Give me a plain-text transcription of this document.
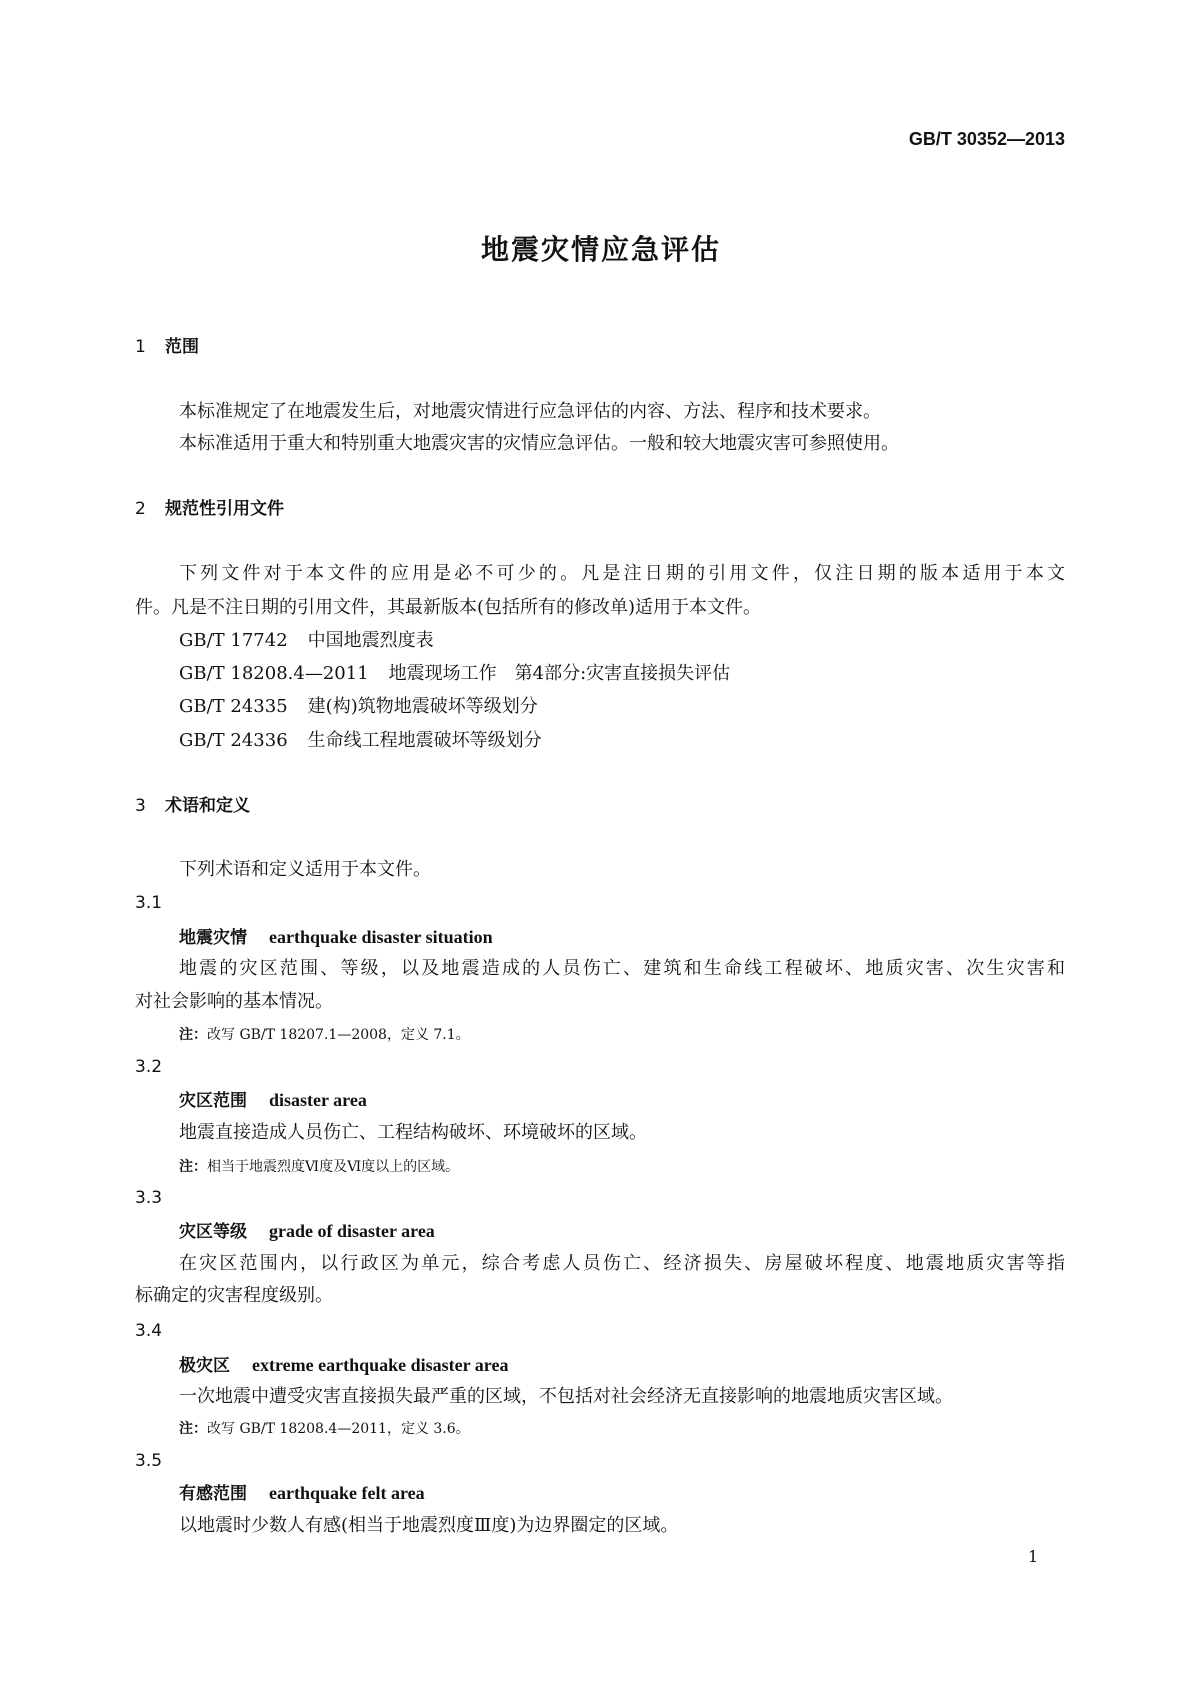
GB/T 30352—2013
地震灾情应急评估
1 范围
本标准规定了在地震发生后，对地震灾情进行应急评估的内容、方法、程序和技术要求。
本标准适用于重大和特别重大地震灾害的灾情应急评估。一般和较大地震灾害可参照使用。
2 规范性引用文件
下列文件对于本文件的应用是必不可少的。凡是注日期的引用文件，仅注日期的版本适用于本文
件。凡是不注日期的引用文件，其最新版本(包括所有的修改单)适用于本文件。
GB/T 17742 中国地震烈度表
GB/T 18208.4—2011 地震现场工作　第4部分:灾害直接损失评估
GB/T 24335 建(构)筑物地震破坏等级划分
GB/T 24336 生命线工程地震破坏等级划分
3 术语和定义
下列术语和定义适用于本文件。
3.1
地震灾情 earthquake disaster situation
地震的灾区范围、等级，以及地震造成的人员伤亡、建筑和生命线工程破坏、地质灾害、次生灾害和
对社会影响的基本情况。
注：改写 GB/T 18207.1—2008，定义 7.1。
3.2
灾区范围 disaster area
地震直接造成人员伤亡、工程结构破坏、环境破坏的区域。
注：相当于地震烈度Ⅵ度及Ⅵ度以上的区域。
3.3
灾区等级 grade of disaster area
在灾区范围内，以行政区为单元，综合考虑人员伤亡、经济损失、房屋破坏程度、地震地质灾害等指
标确定的灾害程度级别。
3.4
极灾区 extreme earthquake disaster area
一次地震中遭受灾害直接损失最严重的区域，不包括对社会经济无直接影响的地震地质灾害区域。
注：改写 GB/T 18208.4—2011，定义 3.6。
3.5
有感范围 earthquake felt area
以地震时少数人有感(相当于地震烈度Ⅲ度)为边界圈定的区域。
1
